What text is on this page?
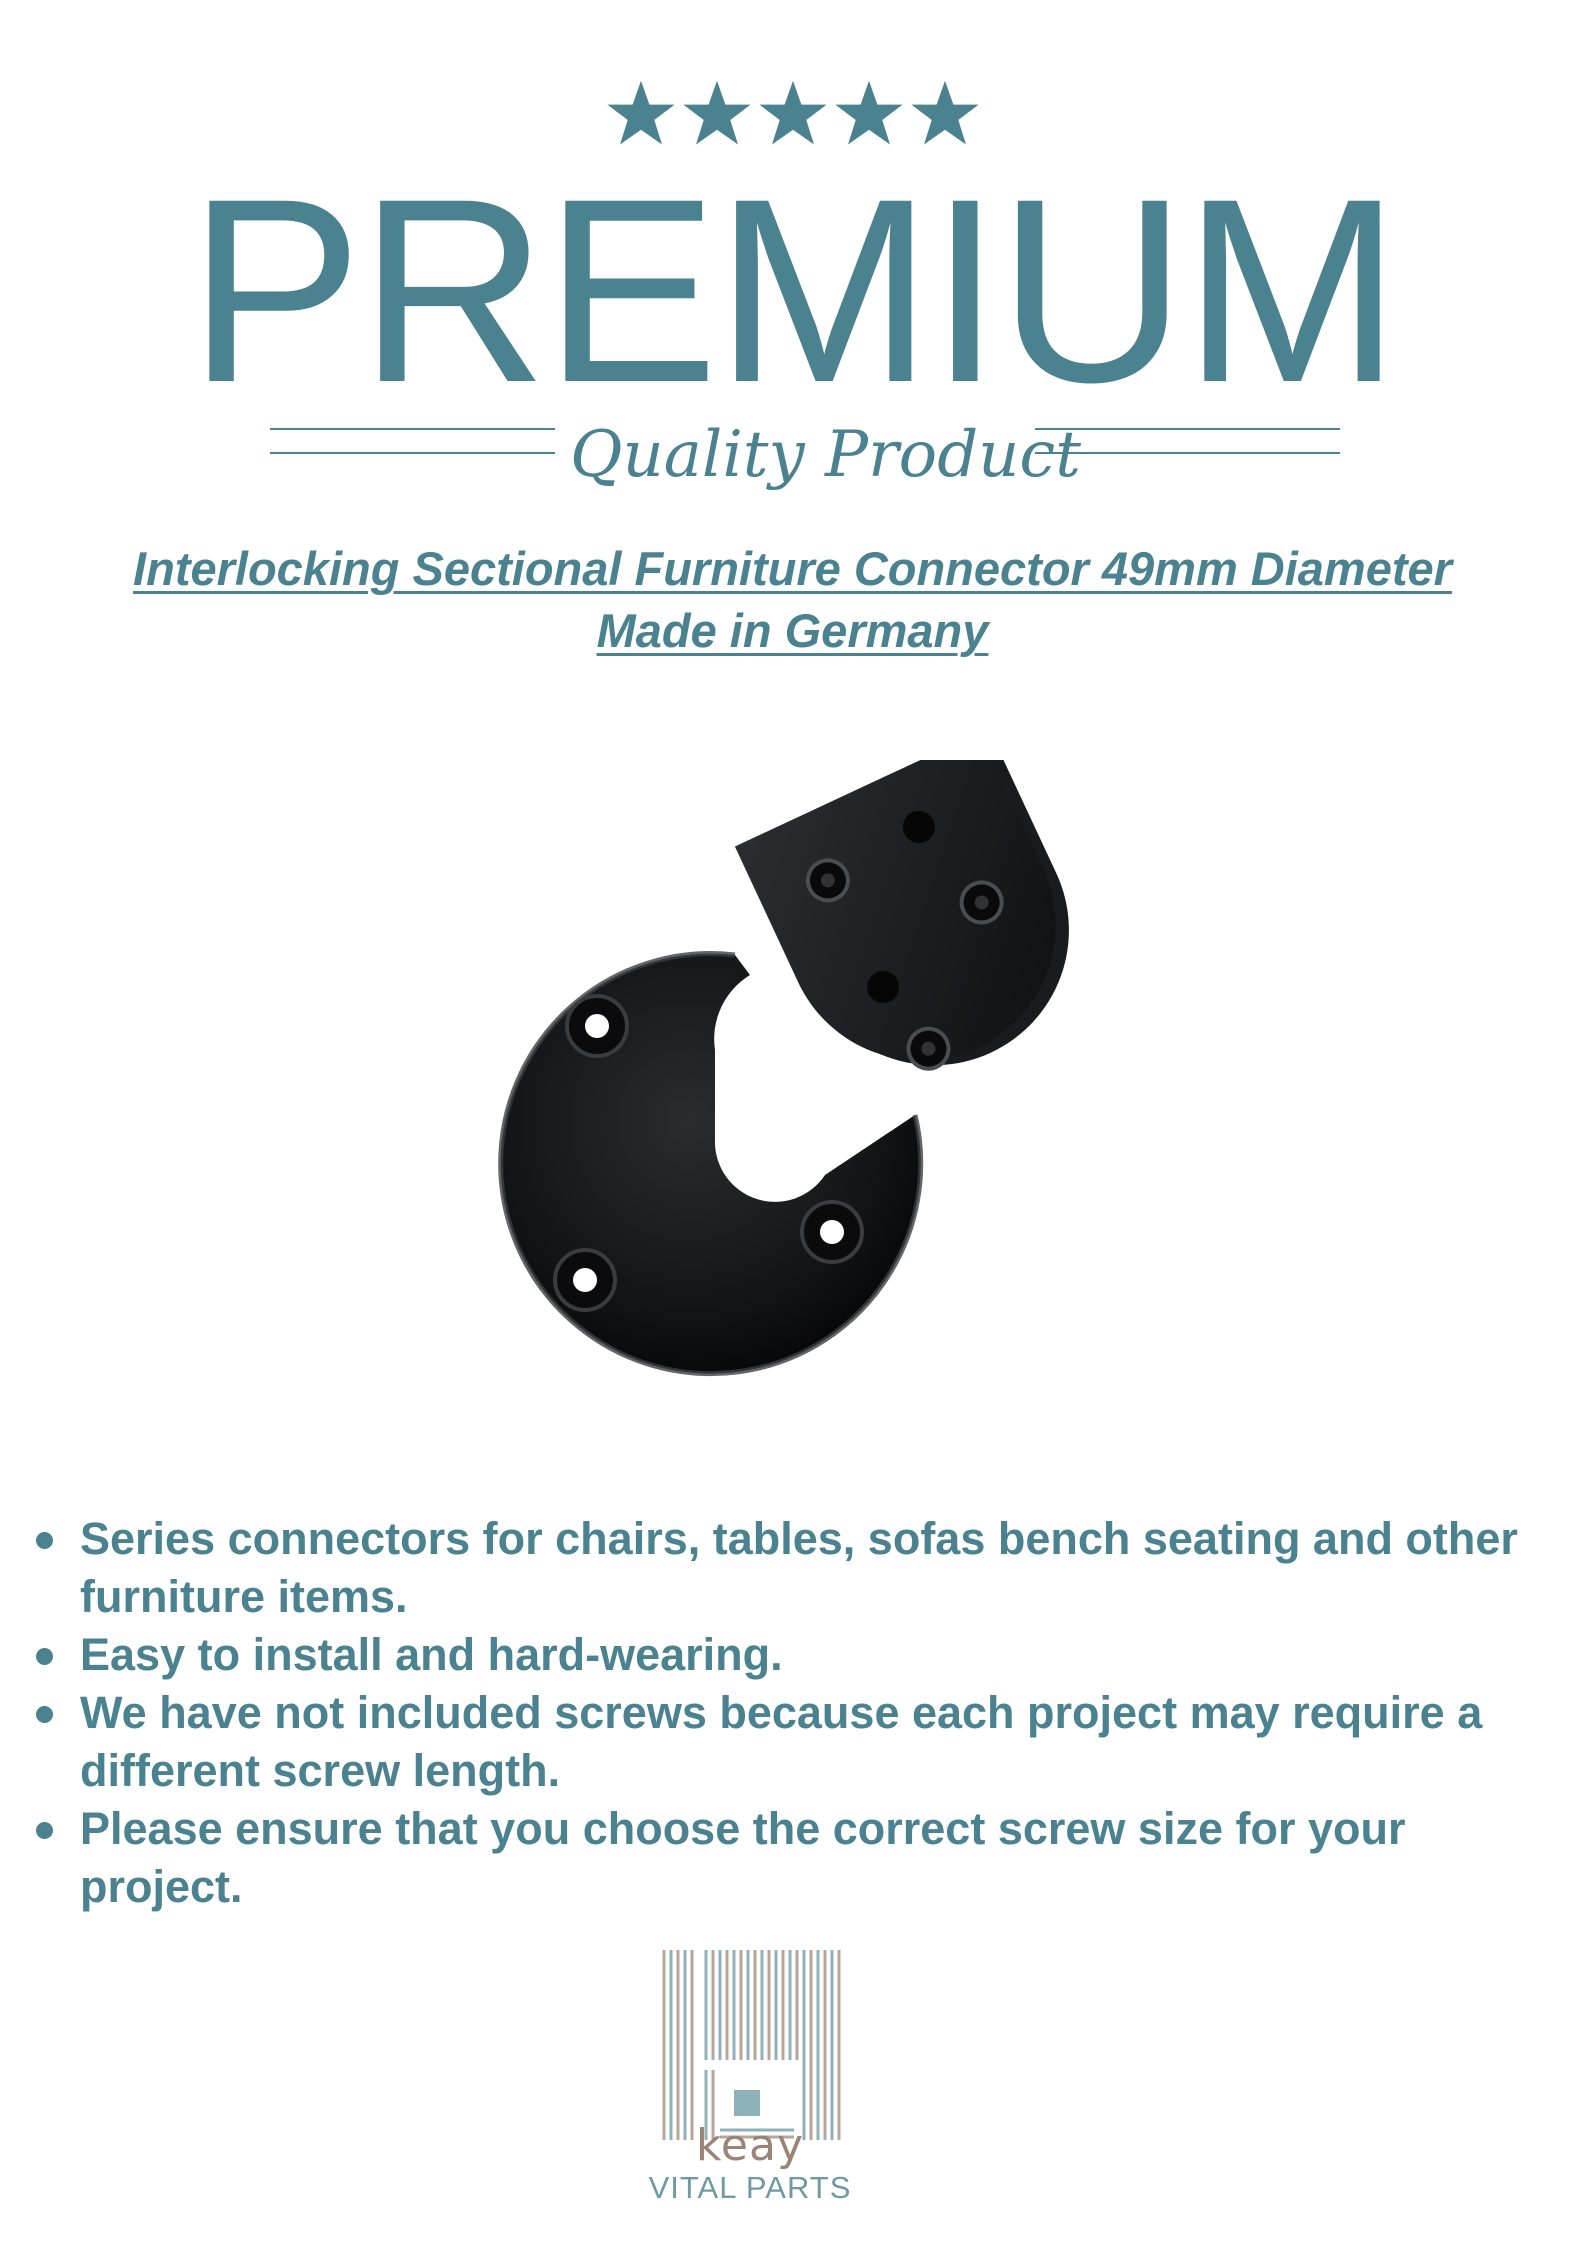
PREMIUM
Quality Product
Interlocking Sectional Furniture Connector 49mm Diameter
Made in Germany
Series connectors for chairs, tables, sofas bench seating and other furniture items.
Easy to install and hard-wearing.
We have not included screws because each project may require a different screw length.
Please ensure that you choose the correct screw size for your project.
keay
VITAL PARTS
